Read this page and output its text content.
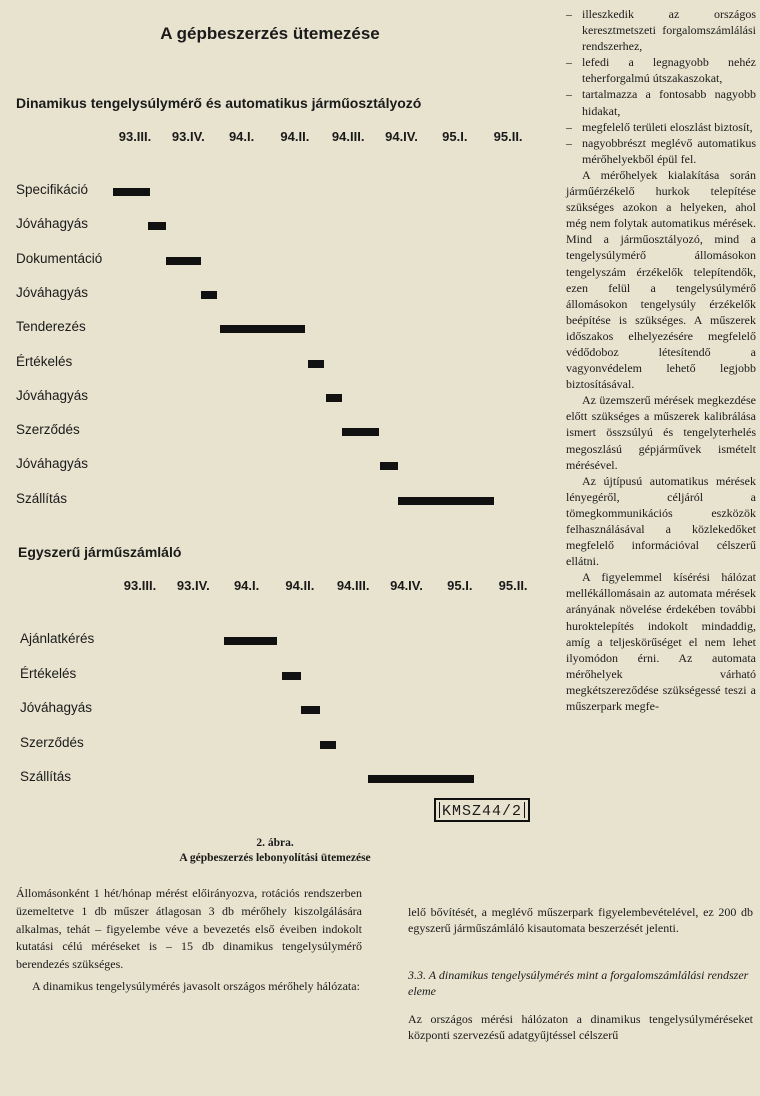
A gépbeszerzés ütemezése
Dinamikus tengelysúlymérő és automatikus járműosztályozó
93.III. 93.IV. 94.I. 94.II. 94.III. 94.IV. 95.I. 95.II.
Specifikáció
Jóváhagyás
Dokumentáció
Jóváhagyás
Tenderezés
Értékelés
Jóváhagyás
Szerződés
Jóváhagyás
Szállítás
Egyszerű járműszámláló
93.III. 93.IV. 94.I. 94.II. 94.III. 94.IV. 95.I. 95.II.
Ajánlatkérés
Értékelés
Jóváhagyás
Szerződés
Szállítás
KMSZ44/2
2. ábra.
A gépbeszerzés lebonyolítási ütemezése
– illeszkedik az országos keresztmetszeti forgalomszámlálási rendszerhez,
– lefedi a legnagyobb nehéz teherforgalmú útszakaszokat,
– tartalmazza a fontosabb nagyobb hidakat,
– megfelelő területi eloszlást biztosít,
– nagyobbrészt meglévő automatikus mérőhelyekből épül fel.

A mérőhelyek kialakítása során járműérzékelő hurkok telepítése szükséges azokon a helyeken, ahol még nem folytak automatikus mérések. Mind a járműosztályozó, mind a tengelysúlymérő állomásokon tengelyszám érzékelők telepítendők, ezen felül a tengelysúlymérő állomásokon tengelysúly érzékelők beépítése is szükséges. A műszerek időszakos elhelyezésére megfelelő védődoboz létesítendő a vagyonvédelem lehető legjobb biztosításával.

Az üzemszerű mérések megkezdése előtt szükséges a műszerek kalibrálása ismert összsúlyú és tengelyterhelés megoszlású gépjárművek ismételt mérésével.

Az újtípusú automatikus mérések lényegéről, céljáról a tömegkommunikációs eszközök felhasználásával a közlekedőket megfelelő információval célszerű ellátni.

A figyelemmel kísérési hálózat mellékállomásain az automata mérések arányának növelése érdekében további huroktelepítés indokolt mindaddig, amíg a teljeskörűséget el nem lehet ilyomódon érni. Az automata mérőhelyek várható megkétszereződése szükségessé teszi a műszerpark megfe-

lelő bővítését, a meglévő műszerpark figyelembevételével, ez 200 db egyszerű járműszámláló kisautomata beszerzését jelenti.
3.3. A dinamikus tengelysúlymérés mint a forgalomszámlálási rendszer eleme
Az országos mérési hálózaton a dinamikus tengelysúlyméréseket központi szervezésű adatgyűjtéssel célszerű

Állomásonként 1 hét/hónap mérést előirányozva, rotációs rendszerben üzemeltetve 1 db műszer átlagosan 3 db mérőhely kiszolgálására alkalmas, tehát – figyelembe véve a bevezetés első éveiben indokolt kutatási célú méréseket is – 15 db dinamikus tengelysúlymérő berendezés szükséges.

A dinamikus tengelysúlymérés javasolt országos mérőhely hálózata:
